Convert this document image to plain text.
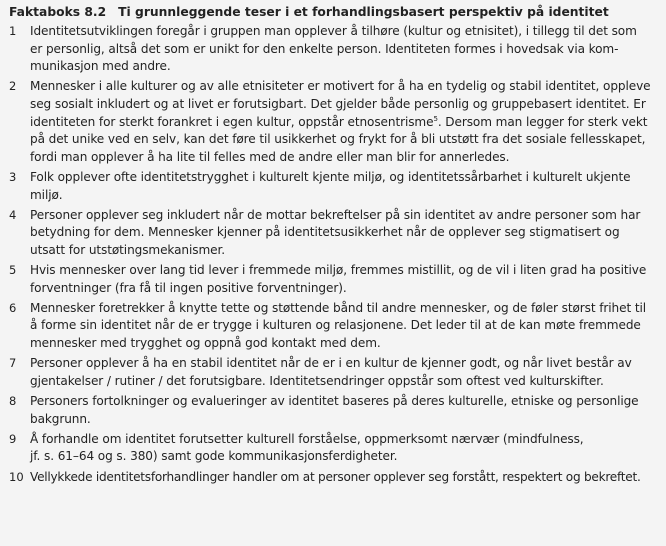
Faktaboks 8.2 Ti grunnleggende teser i et forhandlingsbasert perspektiv på identitet
1 Identitetsutviklingen foregår i gruppen man opplever å tilhøre (kultur og etnisitet), i tillegg til det som
er personlig, altså det som er unikt for den enkelte person. Identiteten formes i hovedsak via kom-
munikasjon med andre.
2 Mennesker i alle kulturer og av alle etnisiteter er motivert for å ha en tydelig og stabil identitet, oppleve
seg sosialt inkludert og at livet er forutsigbart. Det gjelder både personlig og gruppebasert identitet. Er
identiteten for sterkt forankret i egen kultur, oppstår etnosentrisme$^5$. Dersom man legger for sterk vekt
på det unike ved en selv, kan det føre til usikkerhet og frykt for å bli utstøtt fra det sosiale fellesskapet,
fordi man opplever å ha lite til felles med de andre eller man blir for annerledes.
3 Folk opplever ofte identitetstrygghet i kulturelt kjente miljø, og identitetssårbarhet i kulturelt ukjente
miljø.
4 Personer opplever seg inkludert når de mottar bekreftelser på sin identitet av andre personer som har
betydning for dem. Mennesker kjenner på identitetsusikkerhet når de opplever seg stigmatisert og
utsatt for utstøtingsmekanismer.
5 Hvis mennesker over lang tid lever i fremmede miljø, fremmes mistillit, og de vil i liten grad ha positive
forventninger (fra få til ingen positive forventninger).
6 Mennesker foretrekker å knytte tette og støttende bånd til andre mennesker, og de føler størst frihet til
å forme sin identitet når de er trygge i kulturen og relasjonene. Det leder til at de kan møte fremmede
mennesker med trygghet og oppnå god kontakt med dem.
7 Personer opplever å ha en stabil identitet når de er i en kultur de kjenner godt, og når livet består av
gjentakelser / rutiner / det forutsigbare. Identitetsendringer oppstår som oftest ved kulturskifter.
8 Personers fortolkninger og evalueringer av identitet baseres på deres kulturelle, etniske og personlige
bakgrunn.
9 Å forhandle om identitet forutsetter kulturell forståelse, oppmerksomt nærvær (mindfulness,
jf. s. 61–64 og s. 380) samt gode kommunikasjonsferdigheter.
10 Vellykkede identitetsforhandlinger handler om at personer opplever seg forstått, respektert og bekreftet.
